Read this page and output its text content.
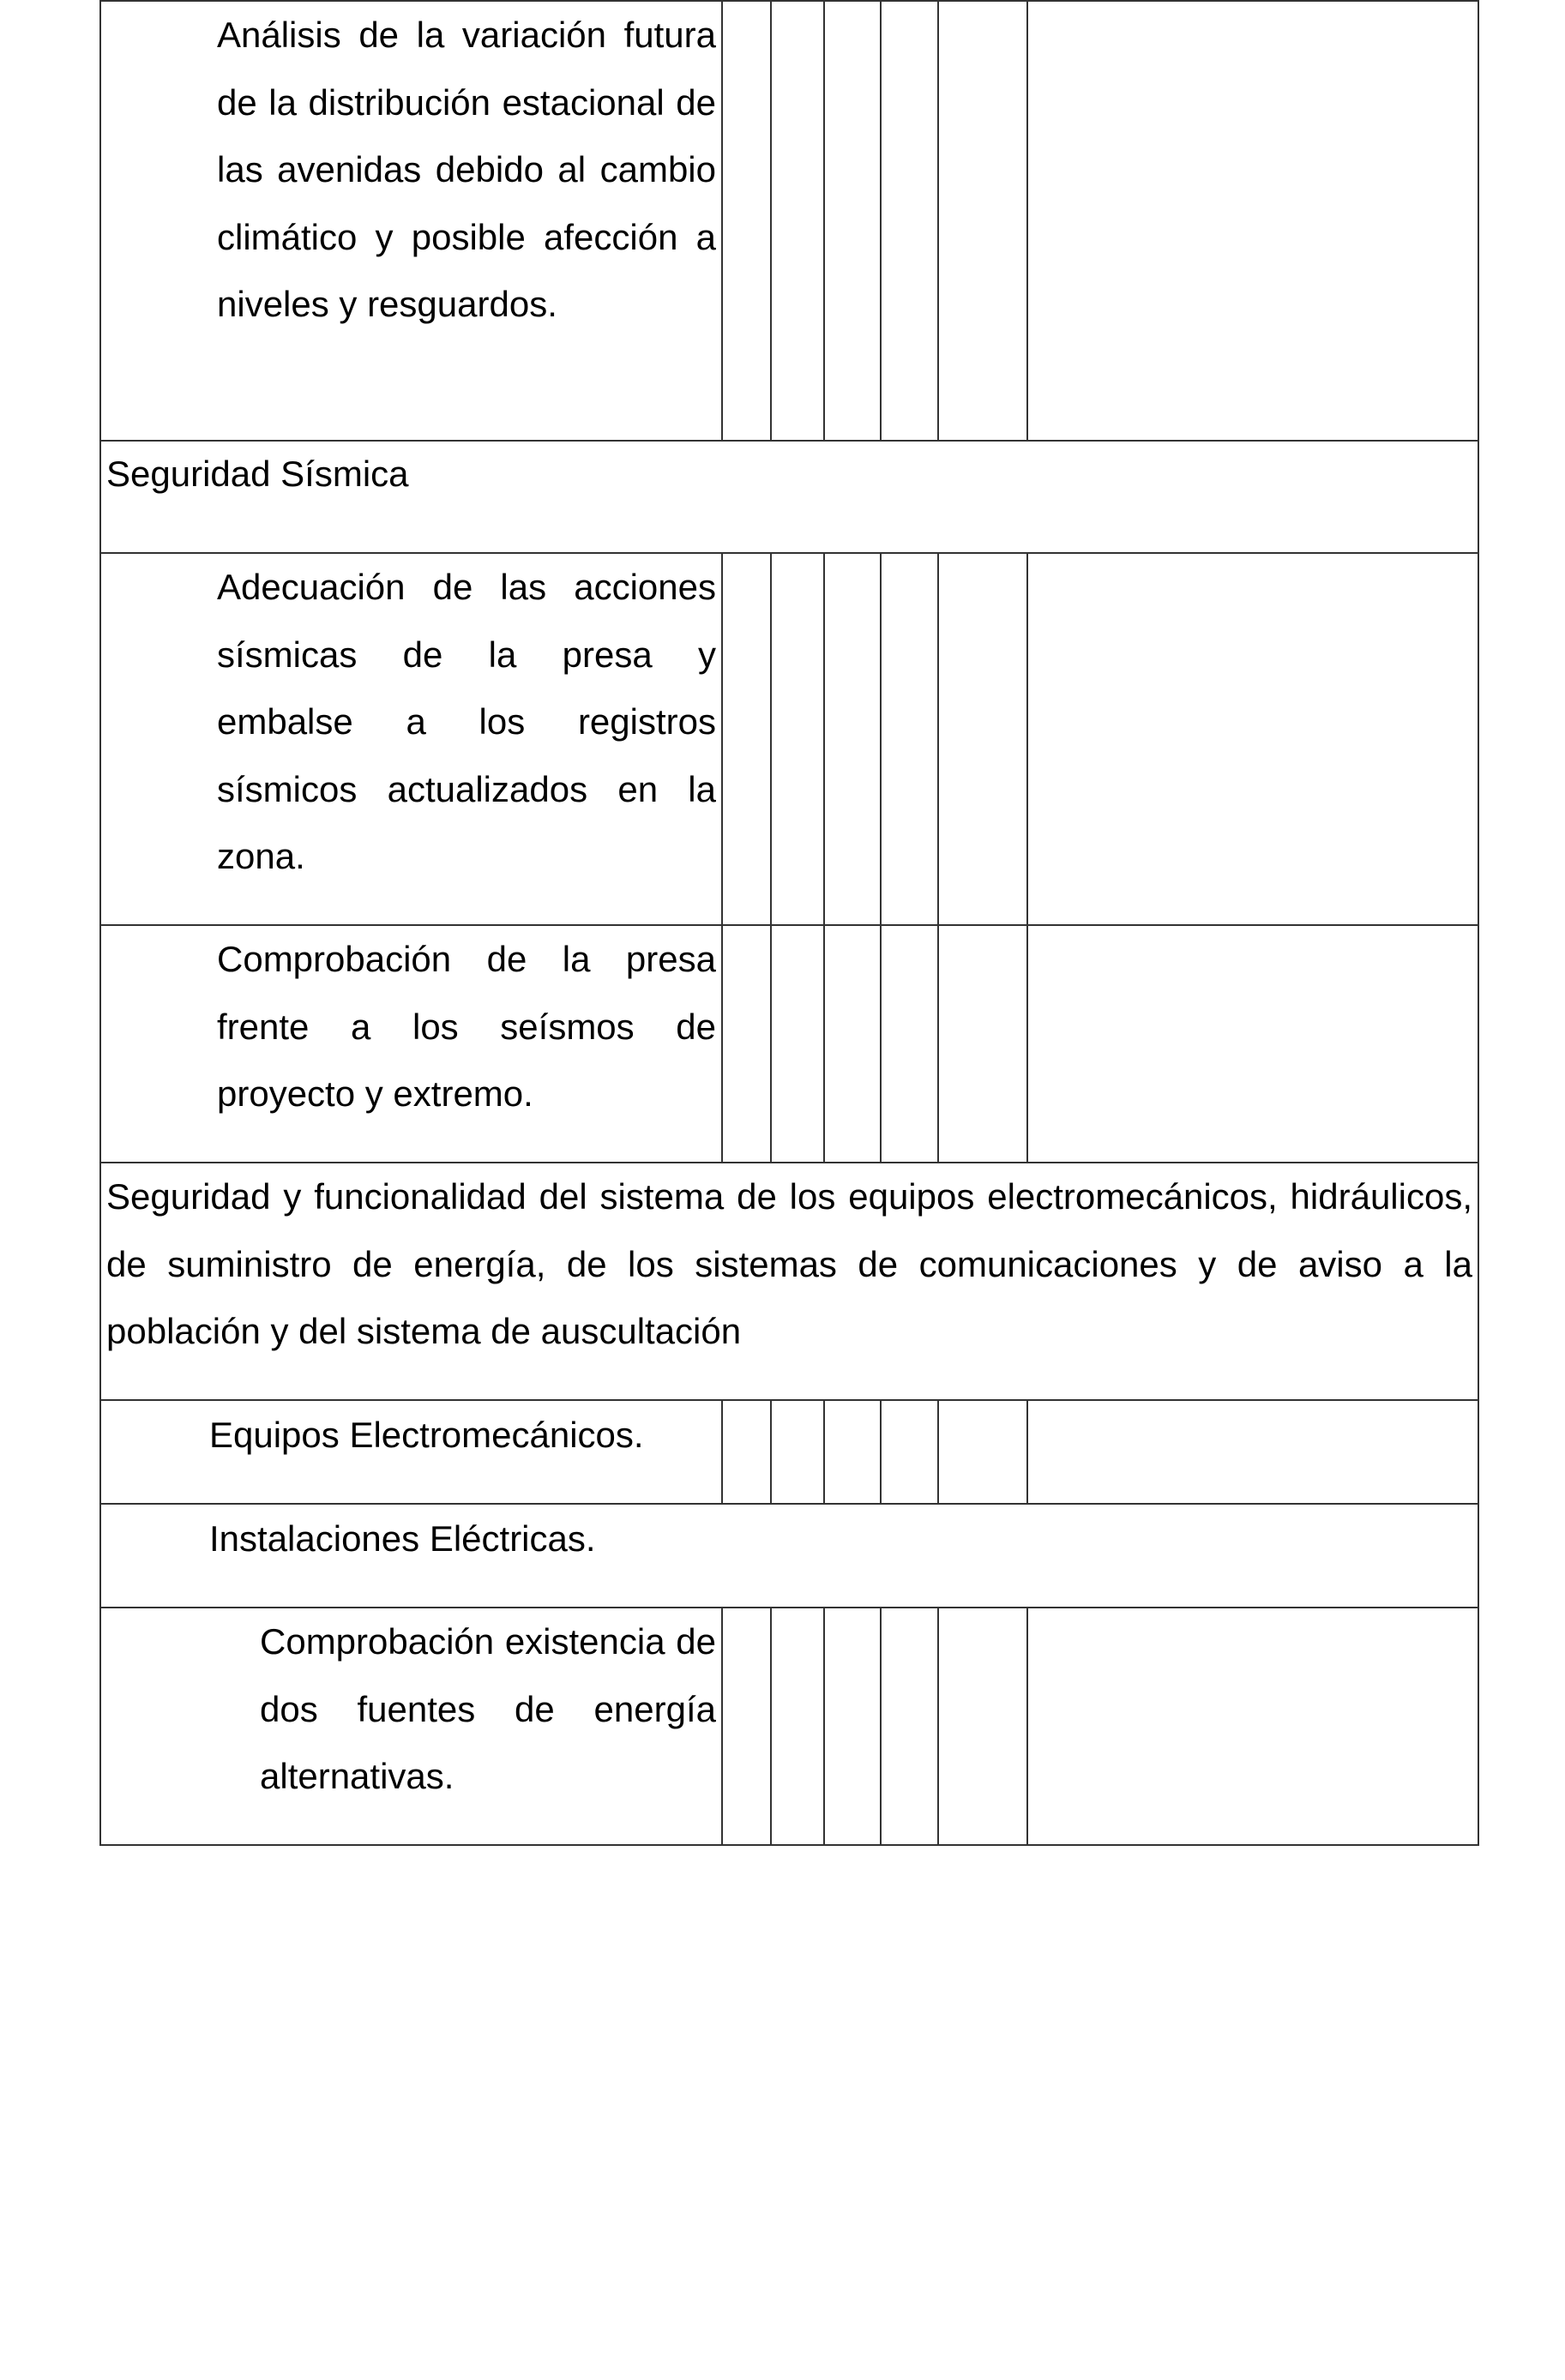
Análisis de la variación futura de la distribución estacional de las avenidas debido al cambio climático y posible afección a niveles y resguardos.						

Seguridad Sísmica						

Adecuación de las acciones sísmicas de la presa y embalse a los registros sísmicos actualizados en la zona.						

Comprobación de la presa frente a los seísmos de proyecto y extremo.						

Seguridad y funcionalidad del sistema de los equipos electromecánicos, hidráulicos, de suministro de energía, de los sistemas de comunicaciones y de aviso a la población y del sistema de auscultación						

Equipos Electromecánicos.						

Instalaciones Eléctricas.						

Comprobación existencia de dos fuentes de energía alternativas.						
